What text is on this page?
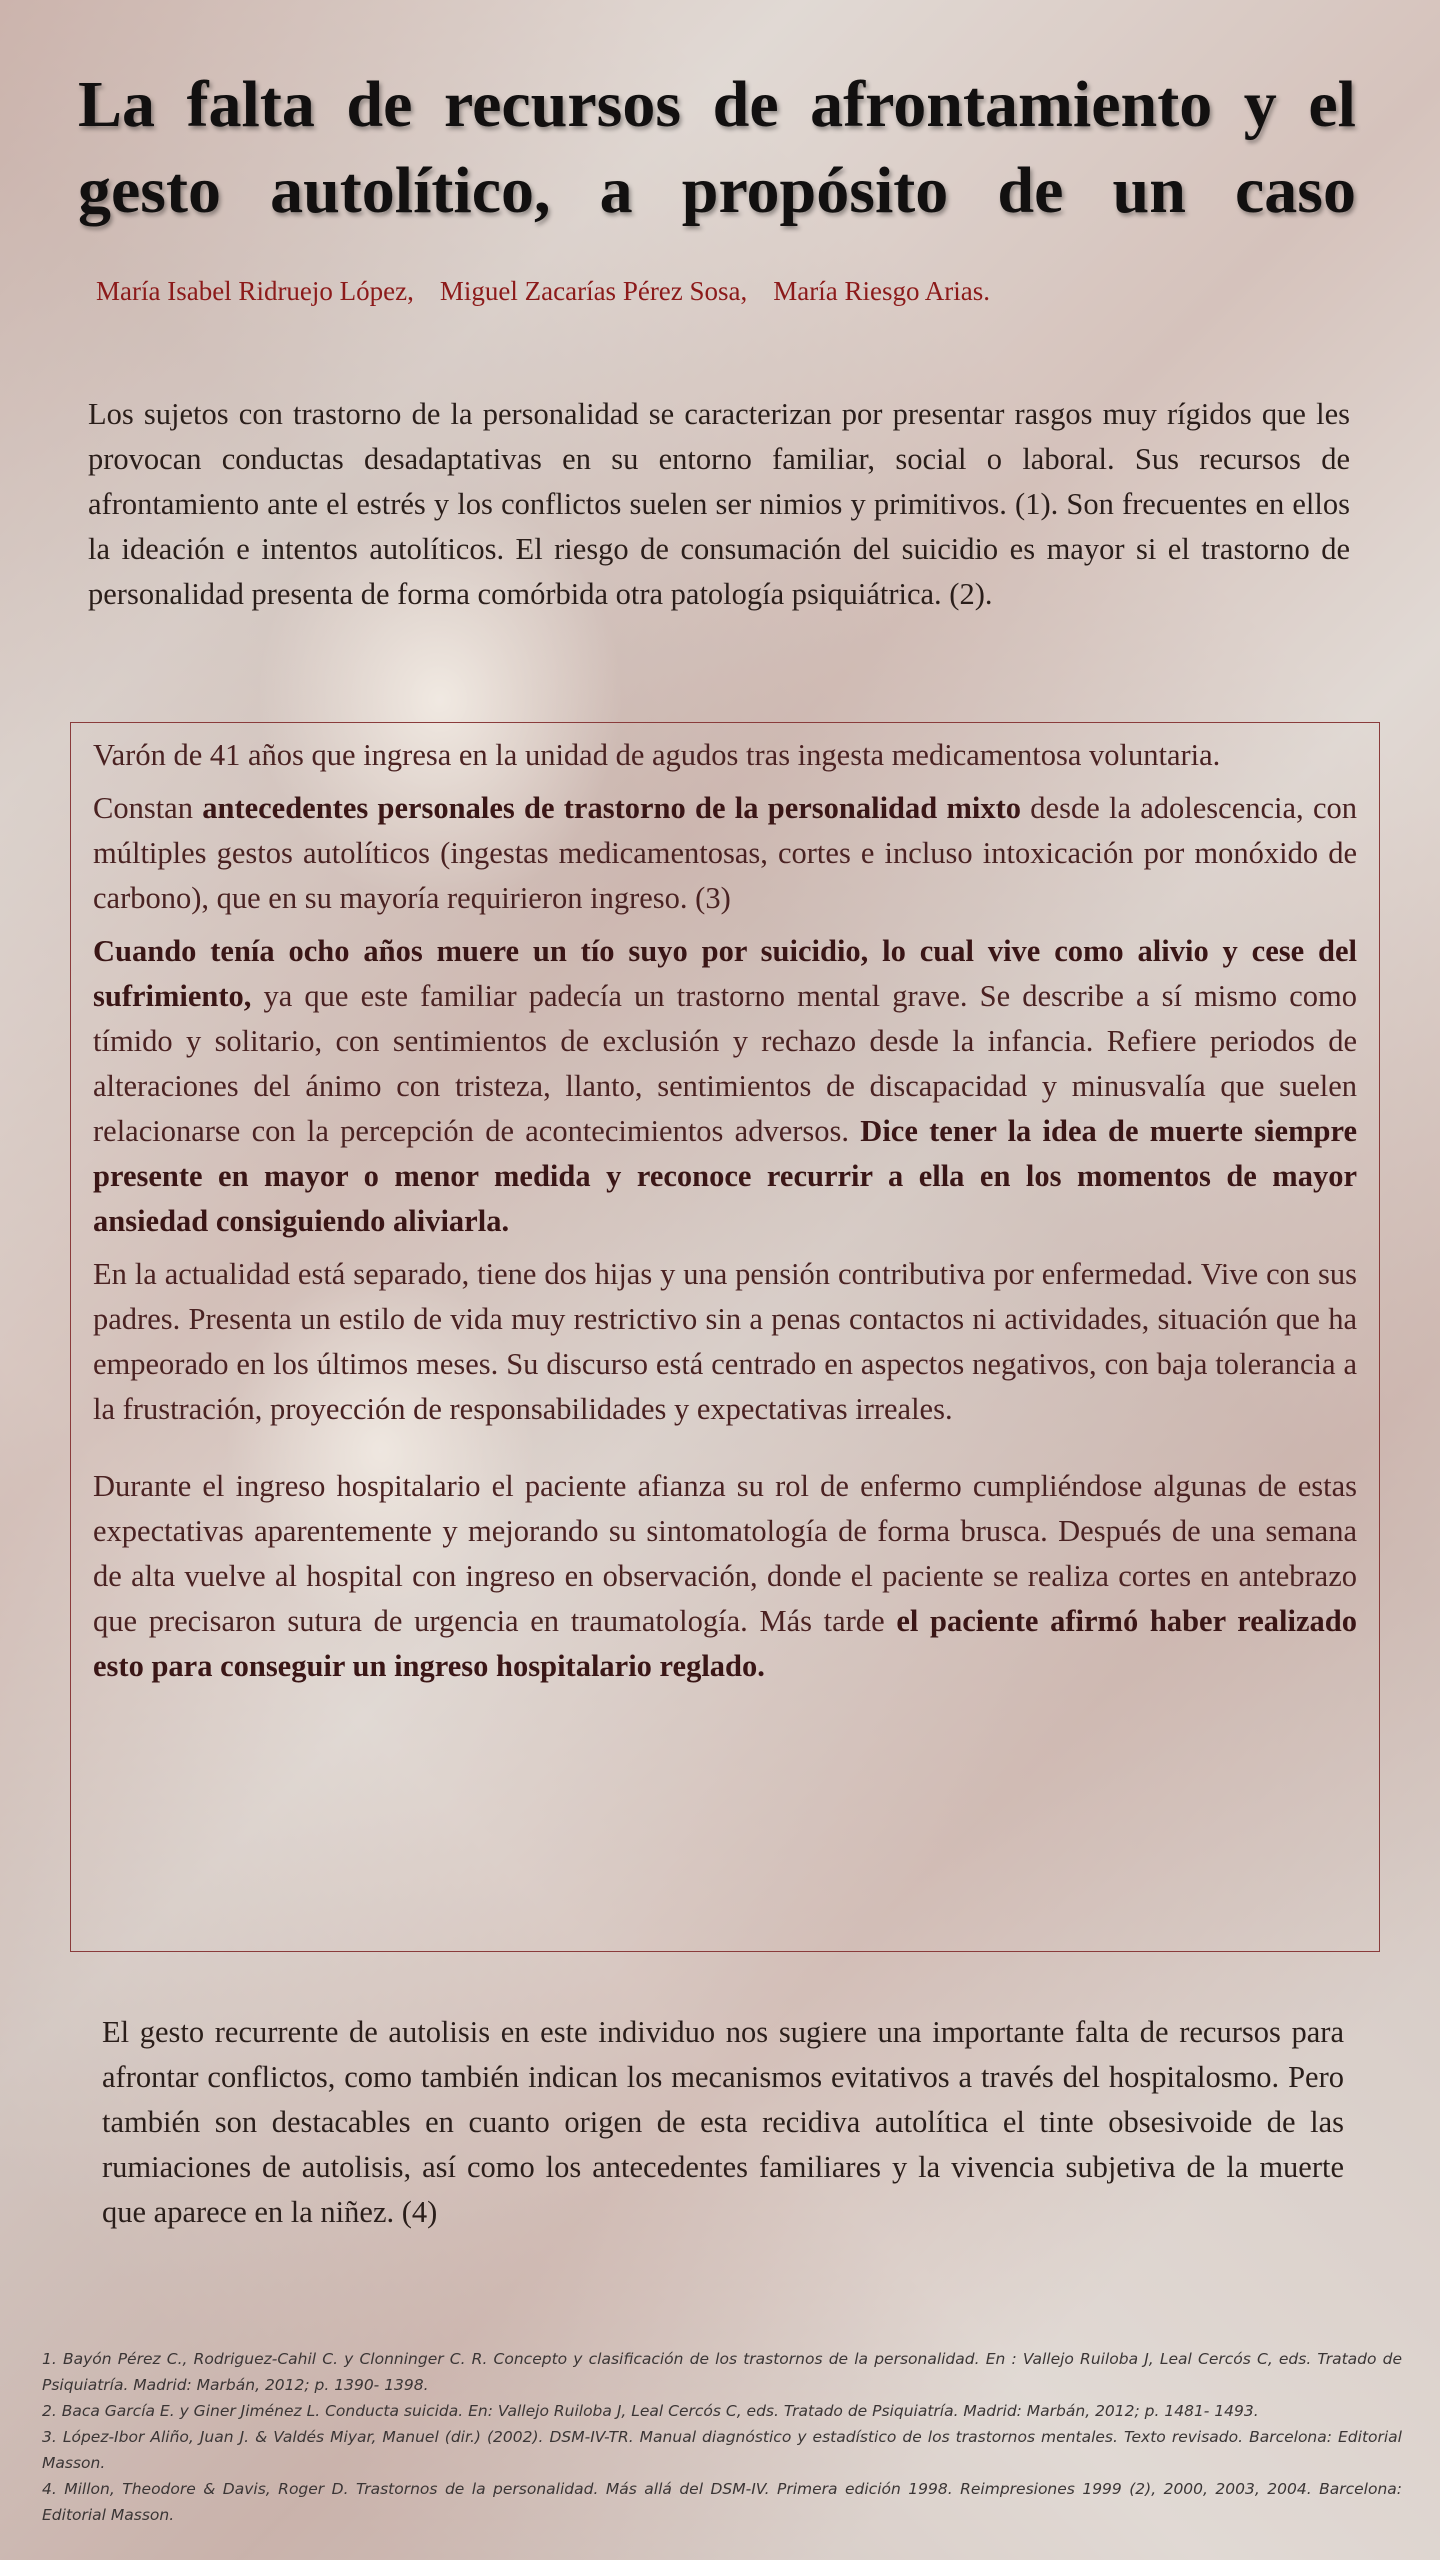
La falta de recursos de afrontamiento y el gesto autolítico, a propósito de un caso
María Isabel Ridruejo López, Miguel Zacarías Pérez Sosa, María Riesgo Arias.

Los sujetos con trastorno de la personalidad se caracterizan por presentar rasgos muy rígidos que les provocan conductas desadaptativas en su entorno familiar, social o laboral. Sus recursos de afrontamiento ante el estrés y los conflictos suelen ser nimios y primitivos. (1). Son frecuentes en ellos la ideación e intentos autolíticos. El riesgo de consumación del suicidio es mayor si el trastorno de personalidad presenta de forma comórbida otra patología psiquiátrica. (2).

Varón de 41 años que ingresa en la unidad de agudos tras ingesta medicamentosa voluntaria.

Constan antecedentes personales de trastorno de la personalidad mixto desde la adolescencia, con múltiples gestos autolíticos (ingestas medicamentosas, cortes e incluso intoxicación por monóxido de carbono), que en su mayoría requirieron ingreso. (3)

Cuando tenía ocho años muere un tío suyo por suicidio, lo cual vive como alivio y cese del sufrimiento, ya que este familiar padecía un trastorno mental grave. Se describe a sí mismo como tímido y solitario, con sentimientos de exclusión y rechazo desde la infancia. Refiere periodos de alteraciones del ánimo con tristeza, llanto, sentimientos de discapacidad y minusvalía que suelen relacionarse con la percepción de acontecimientos adversos. Dice tener la idea de muerte siempre presente en mayor o menor medida y reconoce recurrir a ella en los momentos de mayor ansiedad consiguiendo aliviarla.

En la actualidad está separado, tiene dos hijas y una pensión contributiva por enfermedad. Vive con sus padres. Presenta un estilo de vida muy restrictivo sin a penas contactos ni actividades, situación que ha empeorado en los últimos meses. Su discurso está centrado en aspectos negativos, con baja tolerancia a la frustración, proyección de responsabilidades y expectativas irreales.

Durante el ingreso hospitalario el paciente afianza su rol de enfermo cumpliéndose algunas de estas expectativas aparentemente y mejorando su sintomatología de forma brusca. Después de una semana de alta vuelve al hospital con ingreso en observación, donde el paciente se realiza cortes en antebrazo que precisaron sutura de urgencia en traumatología. Más tarde el paciente afirmó haber realizado esto para conseguir un ingreso hospitalario reglado.

El gesto recurrente de autolisis en este individuo nos sugiere una importante falta de recursos para afrontar conflictos, como también indican los mecanismos evitativos a través del hospitalosmo. Pero también son destacables en cuanto origen de esta recidiva autolítica el tinte obsesivoide de las rumiaciones de autolisis, así como los antecedentes familiares y la vivencia subjetiva de la muerte que aparece en la niñez. (4)

1. Bayón Pérez C., Rodriguez-Cahil C. y Clonninger C. R. Concepto y clasificación de los trastornos de la personalidad. En : Vallejo Ruiloba J, Leal Cercós C, eds. Tratado de Psiquiatría. Madrid: Marbán, 2012; p. 1390- 1398.
2. Baca García E. y Giner Jiménez L. Conducta suicida. En: Vallejo Ruiloba J, Leal Cercós C, eds. Tratado de Psiquiatría. Madrid: Marbán, 2012; p. 1481- 1493.
3. López-Ibor Aliño, Juan J. & Valdés Miyar, Manuel (dir.) (2002). DSM-IV-TR. Manual diagnóstico y estadístico de los trastornos mentales. Texto revisado. Barcelona: Editorial Masson.
4. Millon, Theodore & Davis, Roger D. Trastornos de la personalidad. Más allá del DSM-IV. Primera edición 1998. Reimpresiones 1999 (2), 2000, 2003, 2004. Barcelona: Editorial Masson.
